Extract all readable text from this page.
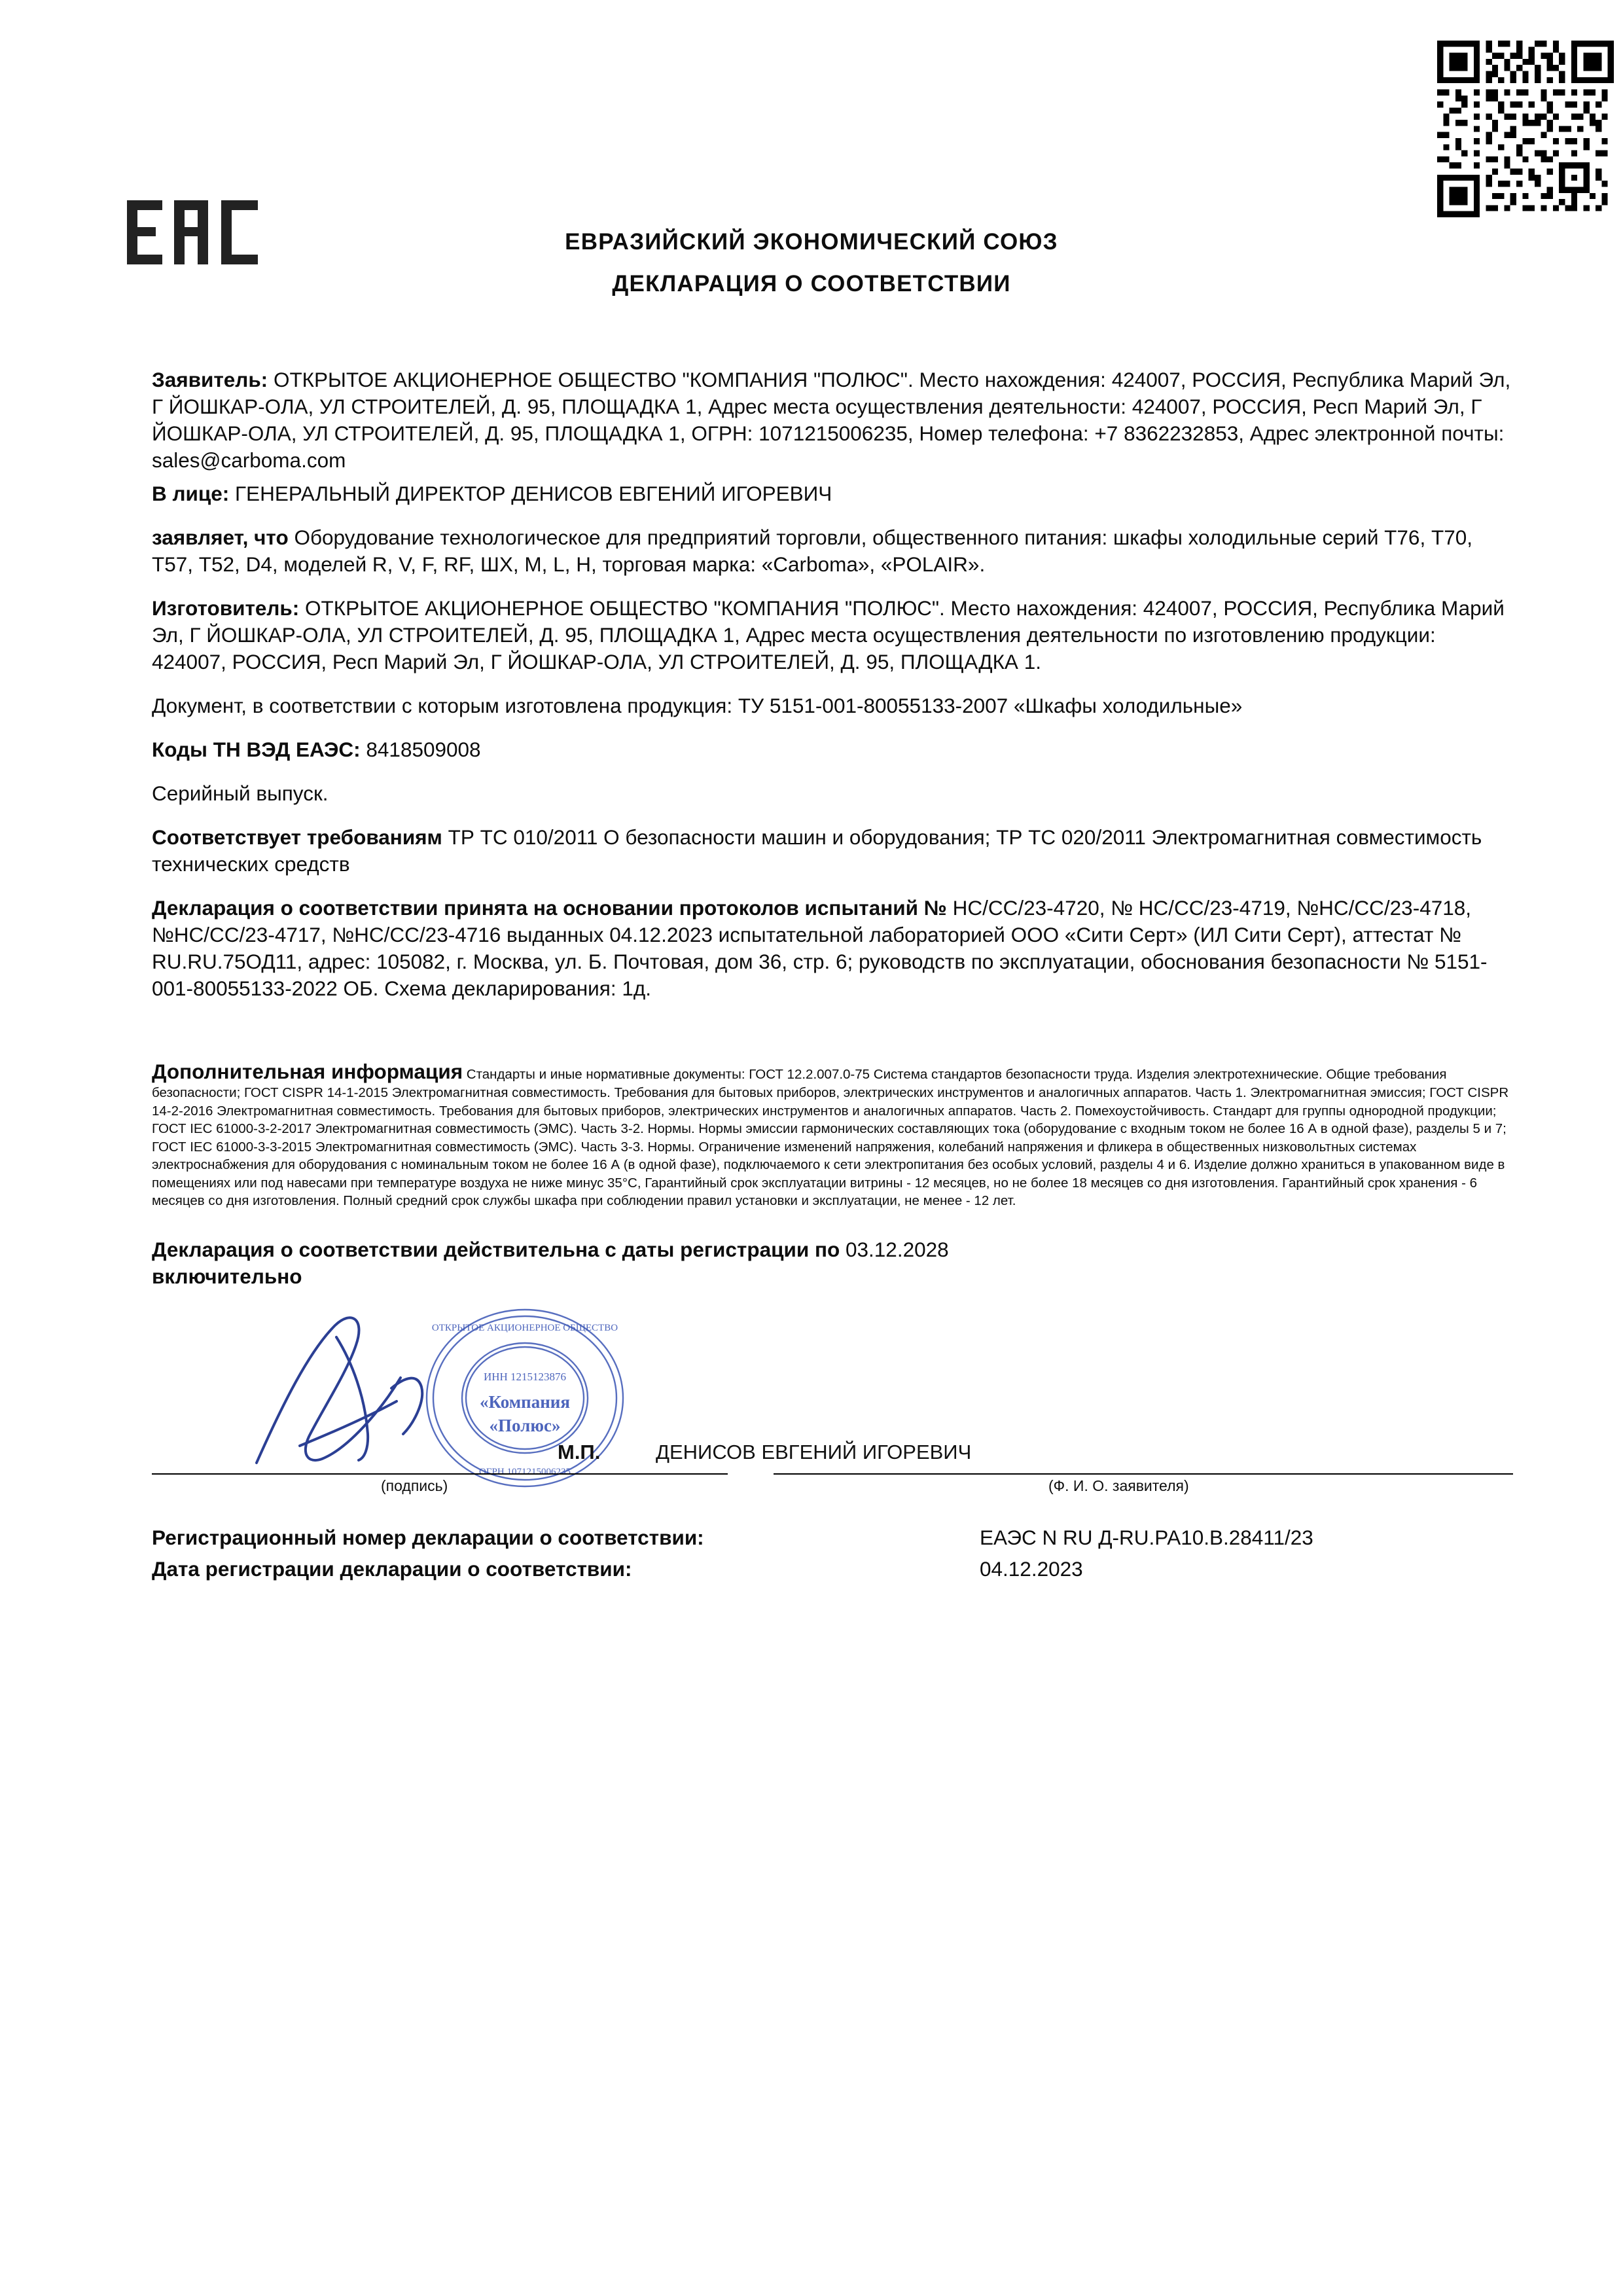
ЕВРАЗИЙСКИЙ ЭКОНОМИЧЕСКИЙ СОЮЗ
ДЕКЛАРАЦИЯ О СООТВЕТСТВИИ

Заявитель: ОТКРЫТОЕ АКЦИОНЕРНОЕ ОБЩЕСТВО "КОМПАНИЯ "ПОЛЮС". Место нахождения: 424007, РОССИЯ, Республика Марий Эл, Г ЙОШКАР-ОЛА, УЛ СТРОИТЕЛЕЙ, Д. 95, ПЛОЩАДКА 1, Адрес места осуществления деятельности: 424007, РОССИЯ, Респ Марий Эл, Г ЙОШКАР-ОЛА, УЛ СТРОИТЕЛЕЙ, Д. 95, ПЛОЩАДКА 1, ОГРН: 1071215006235, Номер телефона: +7 8362232853, Адрес электронной почты: sales@carboma.com

В лице: ГЕНЕРАЛЬНЫЙ ДИРЕКТОР ДЕНИСОВ ЕВГЕНИЙ ИГОРЕВИЧ

заявляет, что Оборудование технологическое для предприятий торговли, общественного питания: шкафы холодильные серий Т76, Т70, Т57, Т52, D4, моделей R, V, F, RF, ШХ, M, L, H, торговая марка: «Carboma», «POLAIR».

Изготовитель: ОТКРЫТОЕ АКЦИОНЕРНОЕ ОБЩЕСТВО "КОМПАНИЯ "ПОЛЮС". Место нахождения: 424007, РОССИЯ, Республика Марий Эл, Г ЙОШКАР-ОЛА, УЛ СТРОИТЕЛЕЙ, Д. 95, ПЛОЩАДКА 1, Адрес места осуществления деятельности по изготовлению продукции: 424007, РОССИЯ, Респ Марий Эл, Г ЙОШКАР-ОЛА, УЛ СТРОИТЕЛЕЙ, Д. 95, ПЛОЩАДКА 1.

Документ, в соответствии с которым изготовлена продукция: ТУ 5151-001-80055133-2007 «Шкафы холодильные»

Коды ТН ВЭД ЕАЭС: 8418509008

Серийный выпуск.

Соответствует требованиям ТР ТС 010/2011 О безопасности машин и оборудования; ТР ТС 020/2011 Электромагнитная совместимость технических средств

Декларация о соответствии принята на основании протоколов испытаний № НС/СС/23-4720, № НС/СС/23-4719, №НС/СС/23-4718, №НС/СС/23-4717, №НС/СС/23-4716 выданных 04.12.2023 испытательной лабораторией ООО «Сити Серт» (ИЛ Сити Серт), аттестат № RU.RU.75ОД11, адрес: 105082, г. Москва, ул. Б. Почтовая, дом 36, стр. 6; руководств по эксплуатации, обоснования безопасности № 5151-001-80055133-2022 ОБ. Схема декларирования: 1д.

Дополнительная информация Стандарты и иные нормативные документы: ГОСТ 12.2.007.0-75 Система стандартов безопасности труда. Изделия электротехнические. Общие требования безопасности; ГОСТ CISPR 14-1-2015 Электромагнитная совместимость. Требования для бытовых приборов, электрических инструментов и аналогичных аппаратов. Часть 1. Электромагнитная эмиссия; ГОСТ CISPR 14-2-2016 Электромагнитная совместимость. Требования для бытовых приборов, электрических инструментов и аналогичных аппаратов. Часть 2. Помехоустойчивость. Стандарт для группы однородной продукции; ГОСТ IEC 61000-3-2-2017 Электромагнитная совместимость (ЭМС). Часть 3-2. Нормы. Нормы эмиссии гармонических составляющих тока (оборудование с входным током не более 16 А в одной фазе), разделы 5 и 7; ГОСТ IEC 61000-3-3-2015 Электромагнитная совместимость (ЭМС). Часть 3-3. Нормы. Ограничение изменений напряжения, колебаний напряжения и фликера в общественных низковольтных системах электроснабжения для оборудования с номинальным током не более 16 А (в одной фазе), подключаемого к сети электропитания без особых условий, разделы 4 и 6. Изделие должно храниться в упакованном виде в помещениях или под навесами при температуре воздуха не ниже минус 35°C, Гарантийный срок эксплуатации витрины - 12 месяцев, но не более 18 месяцев со дня изготовления. Гарантийный срок хранения - 6 месяцев со дня изготовления. Полный средний срок службы шкафа при соблюдении правил установки и эксплуатации, не менее - 12 лет.
Декларация о соответствии действительна с даты регистрации по 03.12.2028
включительно
ОТКРЫТОЕ АКЦИОНЕРНОЕ ОБЩЕСТВО
ОГРН 1071215006235
ИНН 1215123876
«Компания
«Полюс»
М.П.	ДЕНИСОВ ЕВГЕНИЙ ИГОРЕВИЧ
(подпись)	(Ф. И. О. заявителя)
Регистрационный номер декларации о соответствии:	ЕАЭС N RU Д-RU.РА10.В.28411/23
Дата регистрации декларации о соответствии:	04.12.2023
